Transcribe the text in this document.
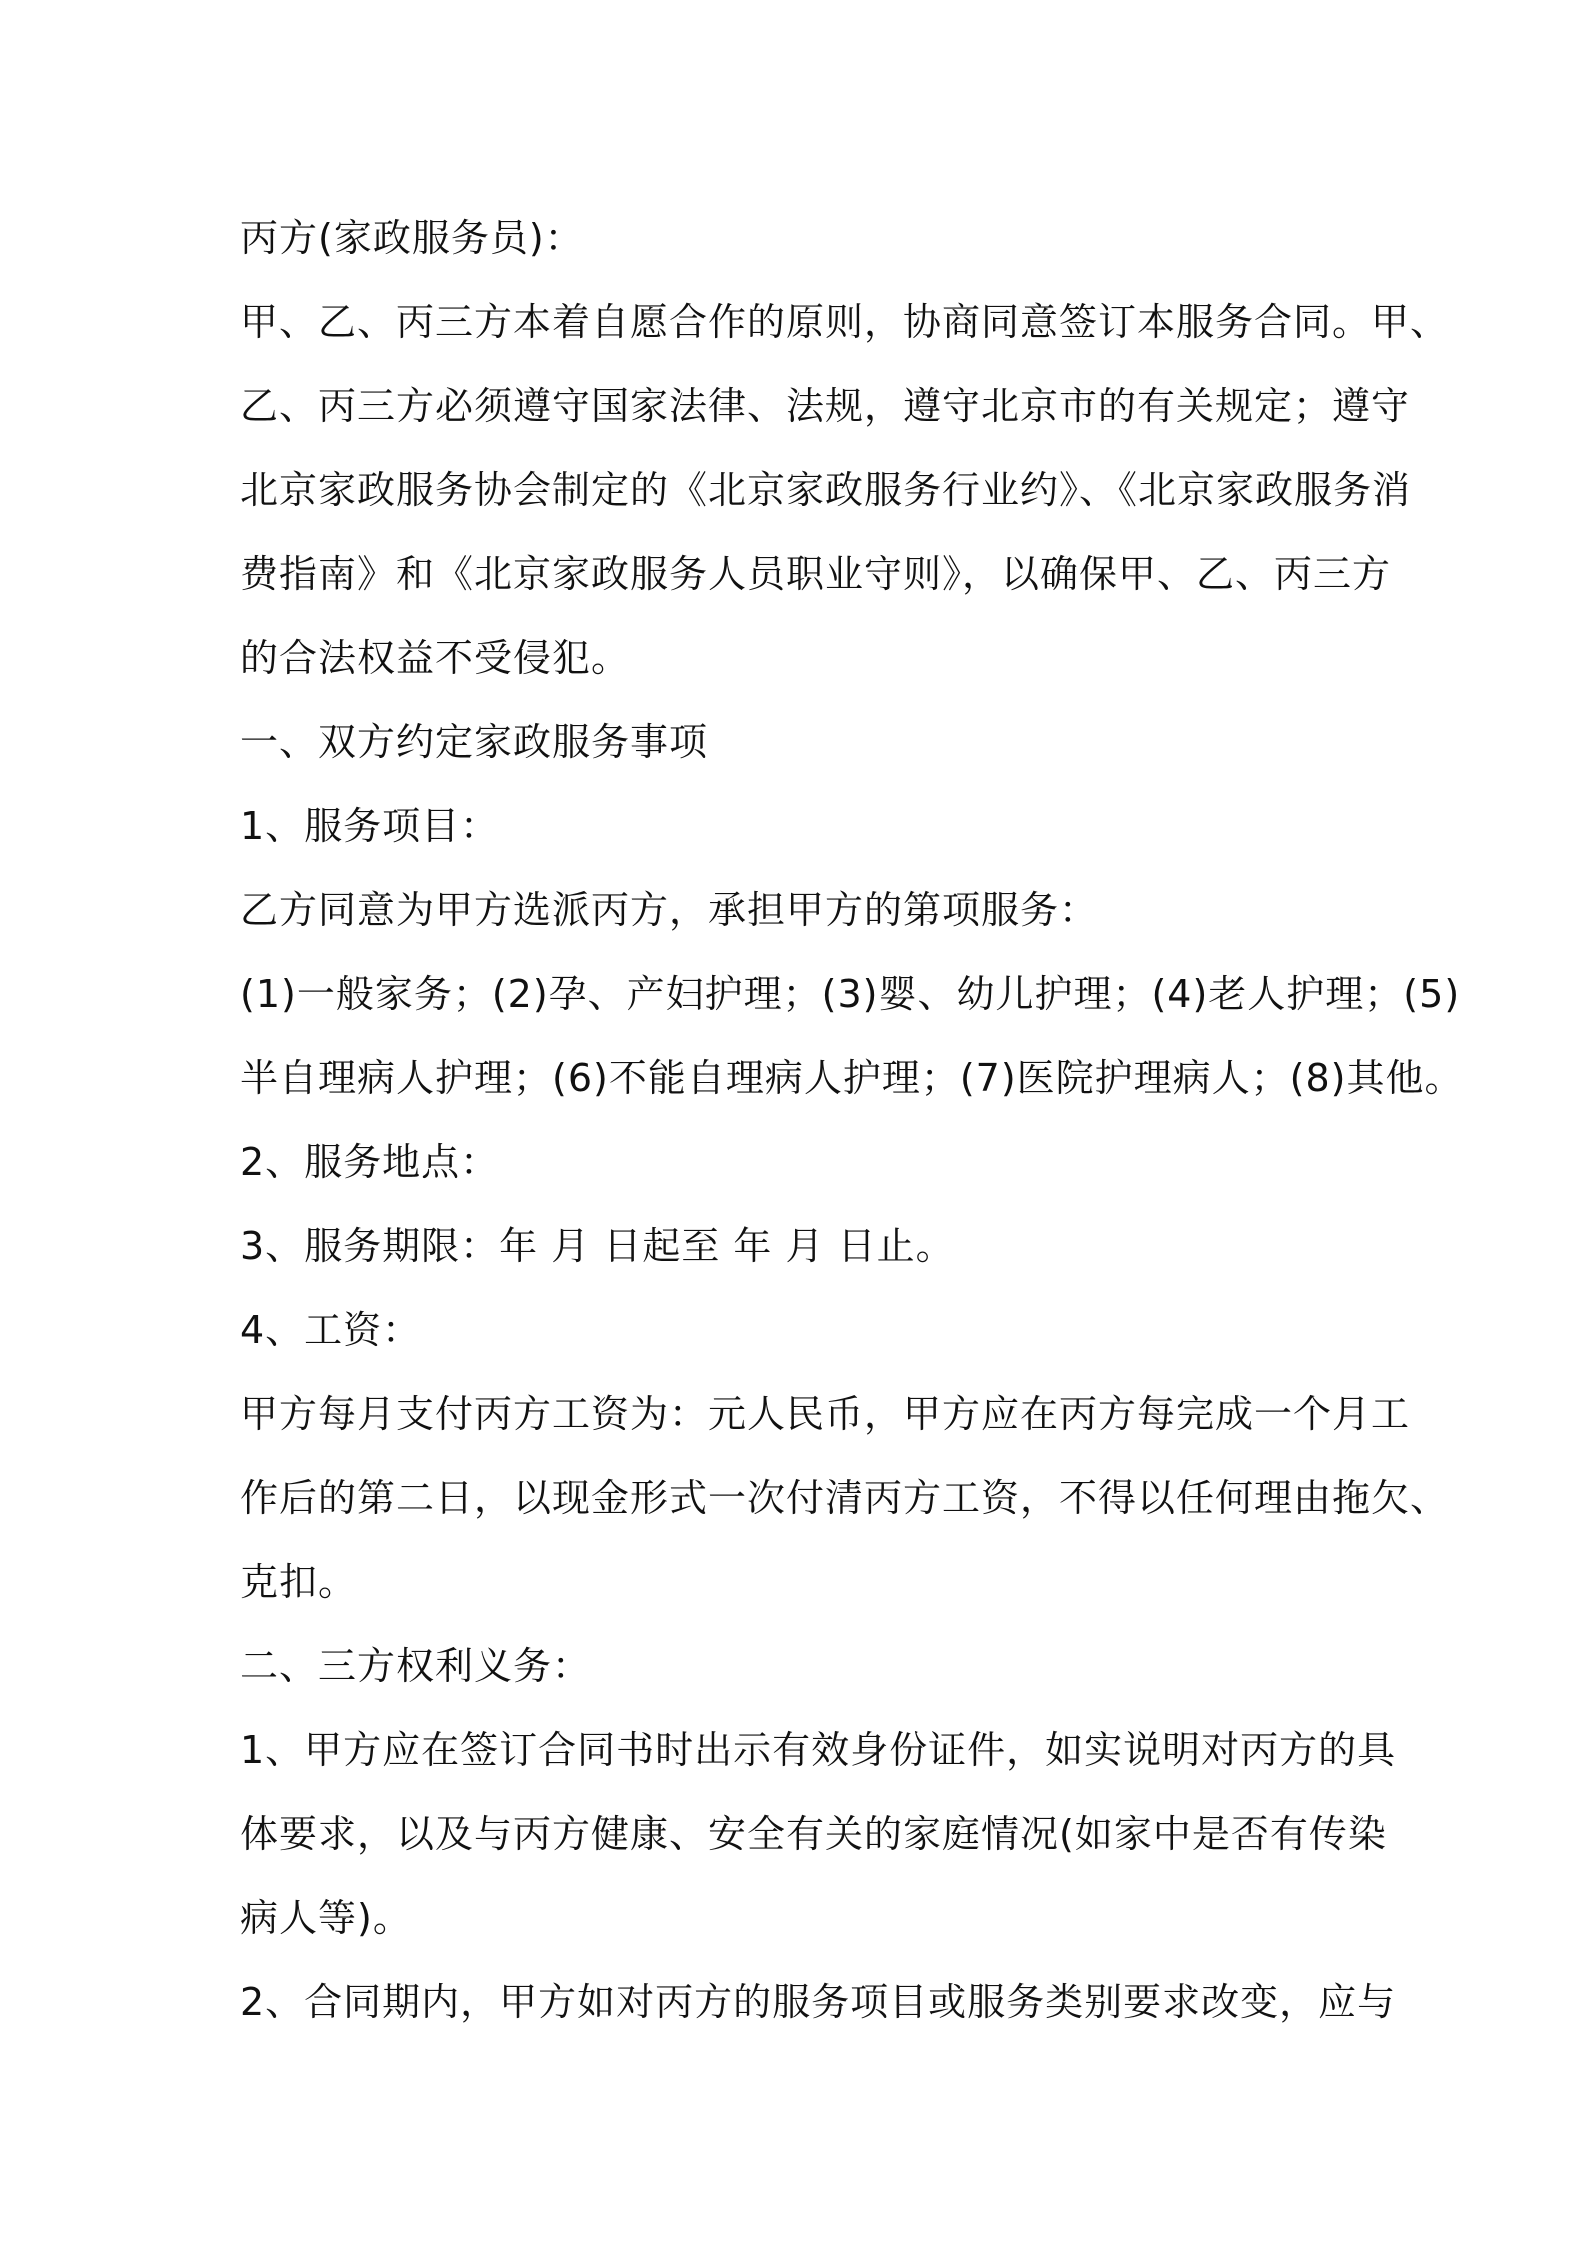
丙方(家政服务员)：
甲、乙、丙三方本着自愿合作的原则，协商同意签订本服务合同。甲、
乙、丙三方必须遵守国家法律、法规，遵守北京市的有关规定；遵守
北京家政服务协会制定的《北京家政服务行业约》、《北京家政服务消
费指南》和《北京家政服务人员职业守则》，以确保甲、乙、丙三方
的合法权益不受侵犯。
一、双方约定家政服务事项
1、服务项目：
乙方同意为甲方选派丙方，承担甲方的第项服务：
(1)一般家务；(2)孕、产妇护理；(3)婴、幼儿护理；(4)老人护理；(5)
半自理病人护理；(6)不能自理病人护理；(7)医院护理病人；(8)其他。
2、服务地点：
3、服务期限：年 月 日起至 年 月 日止。
4、工资：
甲方每月支付丙方工资为：元人民币，甲方应在丙方每完成一个月工
作后的第二日，以现金形式一次付清丙方工资，不得以任何理由拖欠、
克扣。
二、三方权利义务：
1、甲方应在签订合同书时出示有效身份证件，如实说明对丙方的具
体要求，以及与丙方健康、安全有关的家庭情况(如家中是否有传染
病人等)。
2、合同期内，甲方如对丙方的服务项目或服务类别要求改变，应与
